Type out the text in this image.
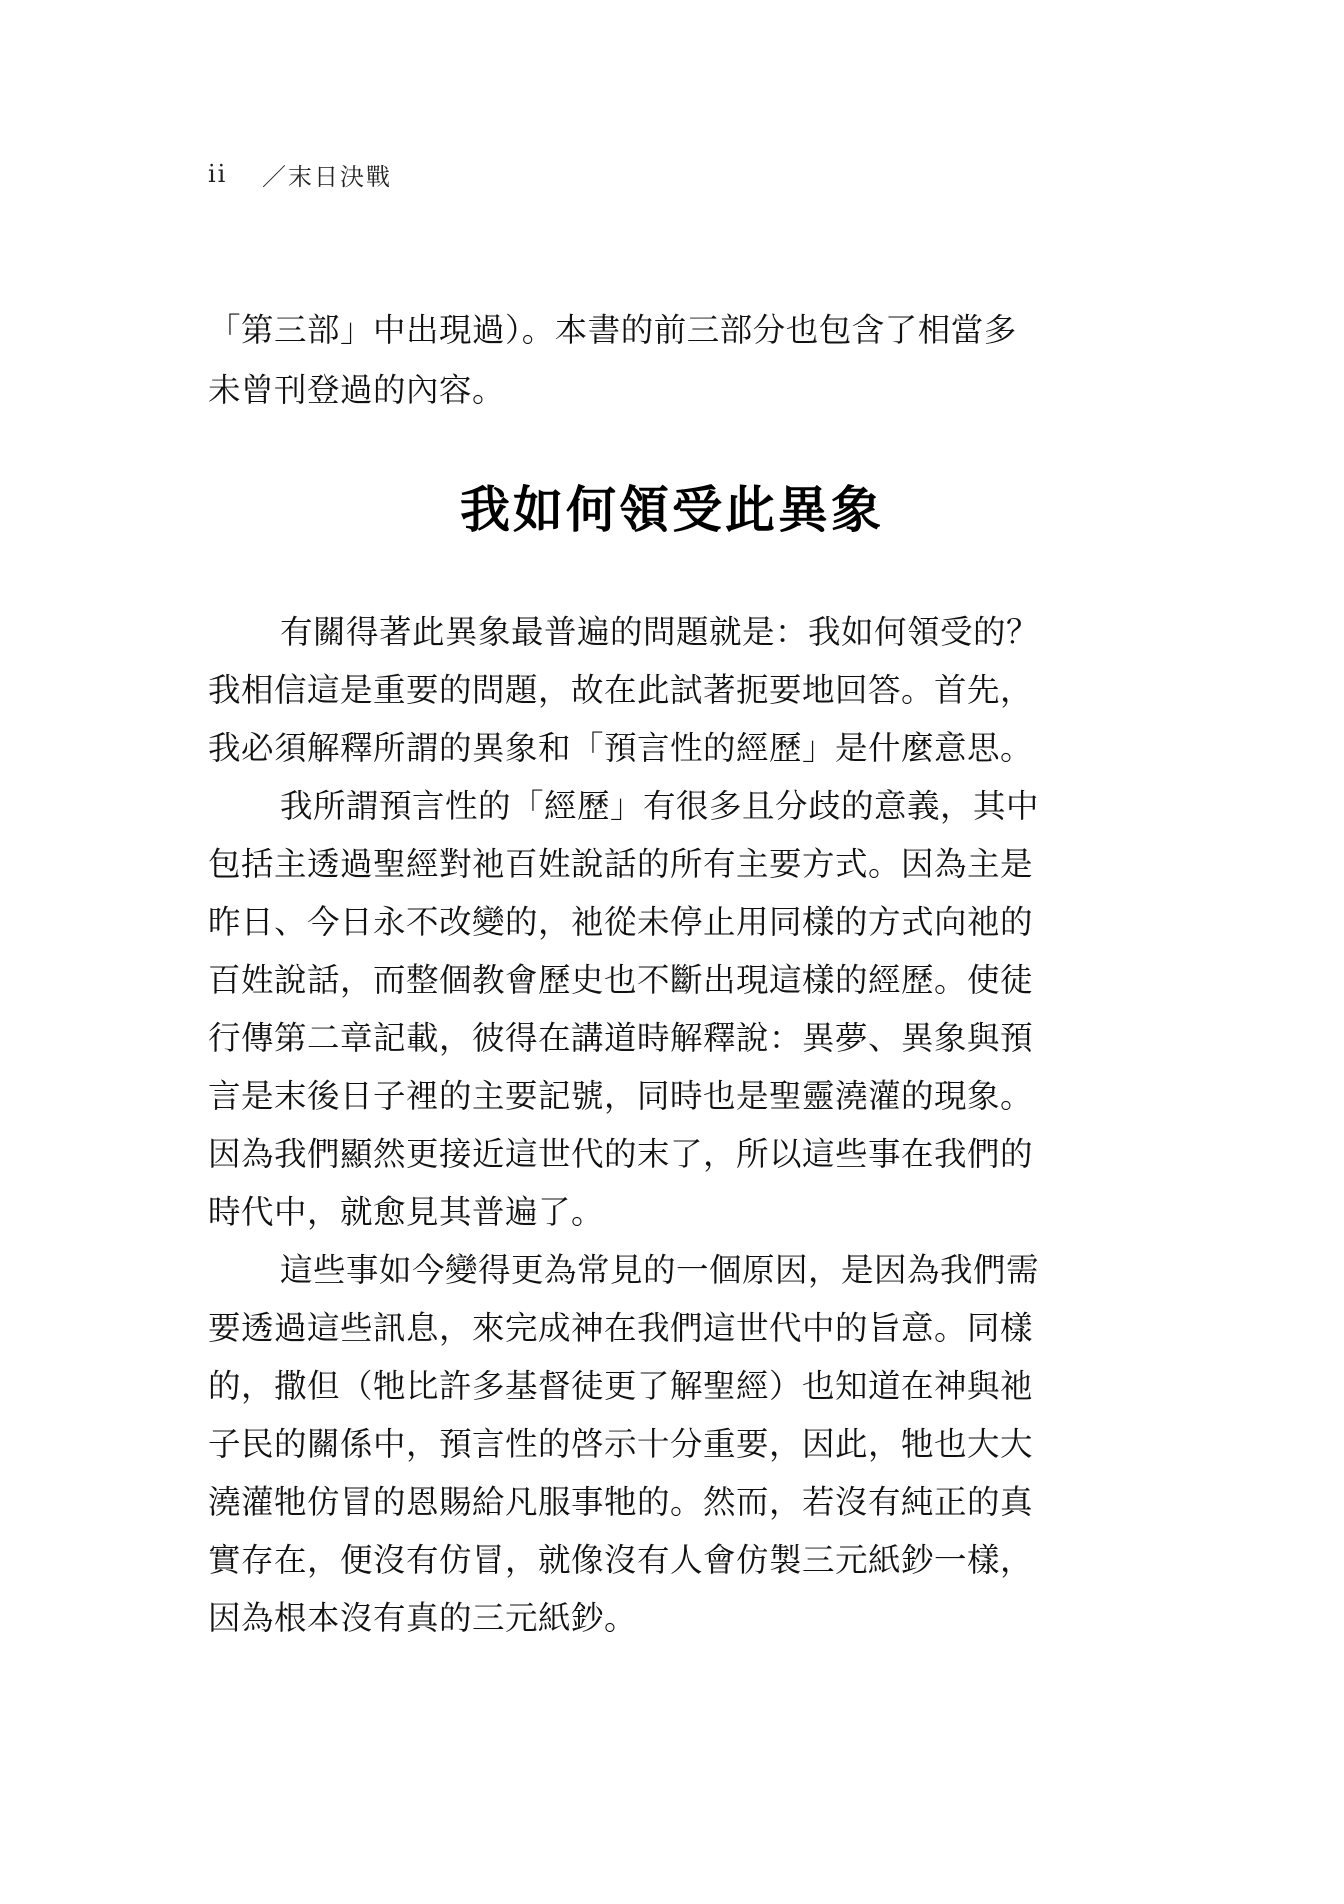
ii	／末日決戰
「第三部」中出現過）。本書的前三部分也包含了相當多
未曾刊登過的內容。
我如何領受此異象
有關得著此異象最普遍的問題就是：我如何領受的？
我相信這是重要的問題，故在此試著扼要地回答。首先，
我必須解釋所謂的異象和「預言性的經歷」是什麼意思。
我所謂預言性的「經歷」有很多且分歧的意義，其中
包括主透過聖經對祂百姓說話的所有主要方式。因為主是
昨日、今日永不改變的，祂從未停止用同樣的方式向祂的
百姓說話，而整個教會歷史也不斷出現這樣的經歷。使徒
行傳第二章記載，彼得在講道時解釋說：異夢、異象與預
言是末後日子裡的主要記號，同時也是聖靈澆灌的現象。
因為我們顯然更接近這世代的末了，所以這些事在我們的
時代中，就愈見其普遍了。
這些事如今變得更為常見的一個原因，是因為我們需
要透過這些訊息，來完成神在我們這世代中的旨意。同樣
的，撒但（牠比許多基督徒更了解聖經）也知道在神與祂
子民的關係中，預言性的啓示十分重要，因此，牠也大大
澆灌牠仿冒的恩賜給凡服事牠的。然而，若沒有純正的真
實存在，便沒有仿冒，就像沒有人會仿製三元紙鈔一樣，
因為根本沒有真的三元紙鈔。
